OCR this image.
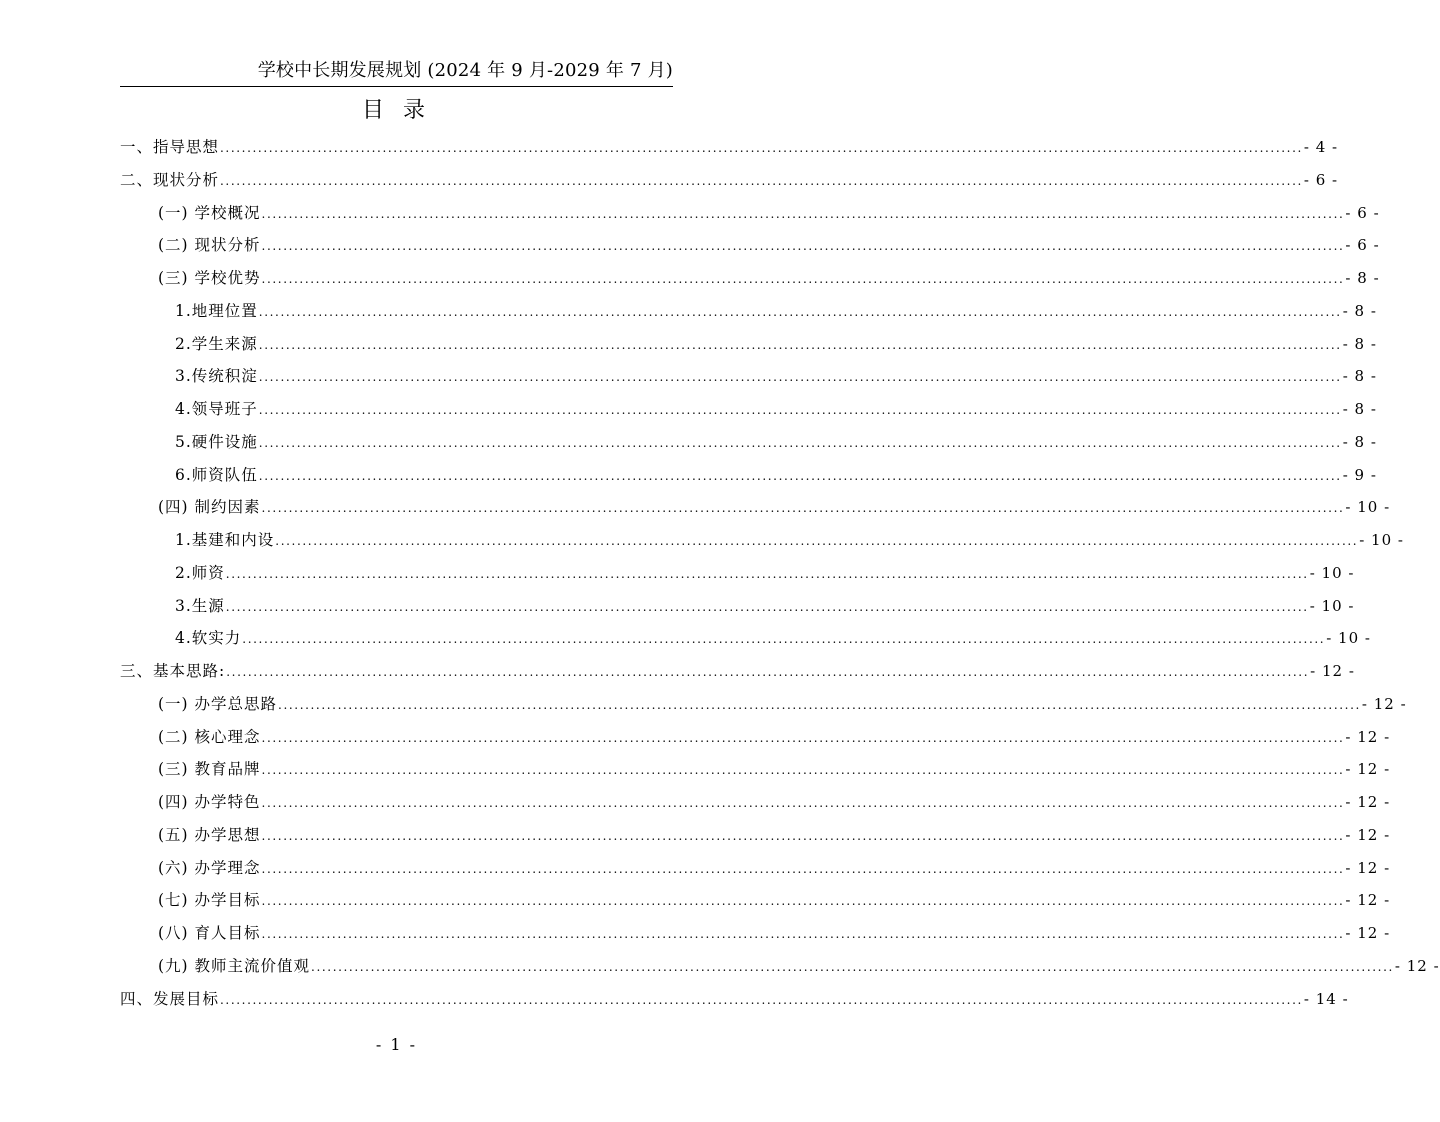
学校中长期发展规划 (2024 年 9 月-2029 年 7 月)
目 录
一、指导思想 ........................................................................................................................................................................................................ - 4 -
二、现状分析 ........................................................................................................................................................................................................ - 6 -
(一) 学校概况 ........................................................................................................................................................................................................ - 6 -
(二) 现状分析 ........................................................................................................................................................................................................ - 6 -
(三) 学校优势 ........................................................................................................................................................................................................ - 8 -
1.地理位置 ........................................................................................................................................................................................................ - 8 -
2.学生来源 ........................................................................................................................................................................................................ - 8 -
3.传统积淀 ........................................................................................................................................................................................................ - 8 -
4.领导班子 ........................................................................................................................................................................................................ - 8 -
5.硬件设施 ........................................................................................................................................................................................................ - 8 -
6.师资队伍 ........................................................................................................................................................................................................ - 9 -
(四) 制约因素 ........................................................................................................................................................................................................ - 10 -
1.基建和内设 ........................................................................................................................................................................................................ - 10 -
2.师资 ........................................................................................................................................................................................................ - 10 -
3.生源 ........................................................................................................................................................................................................ - 10 -
4.软实力 ........................................................................................................................................................................................................ - 10 -
三、基本思路: ........................................................................................................................................................................................................ - 12 -
(一) 办学总思路 ........................................................................................................................................................................................................ - 12 -
(二) 核心理念 ........................................................................................................................................................................................................ - 12 -
(三) 教育品牌 ........................................................................................................................................................................................................ - 12 -
(四) 办学特色 ........................................................................................................................................................................................................ - 12 -
(五) 办学思想 ........................................................................................................................................................................................................ - 12 -
(六) 办学理念 ........................................................................................................................................................................................................ - 12 -
(七) 办学目标 ........................................................................................................................................................................................................ - 12 -
(八) 育人目标 ........................................................................................................................................................................................................ - 12 -
(九) 教师主流价值观 ........................................................................................................................................................................................................ - 12 -
四、发展目标 ........................................................................................................................................................................................................ - 14 -
- 1 -
